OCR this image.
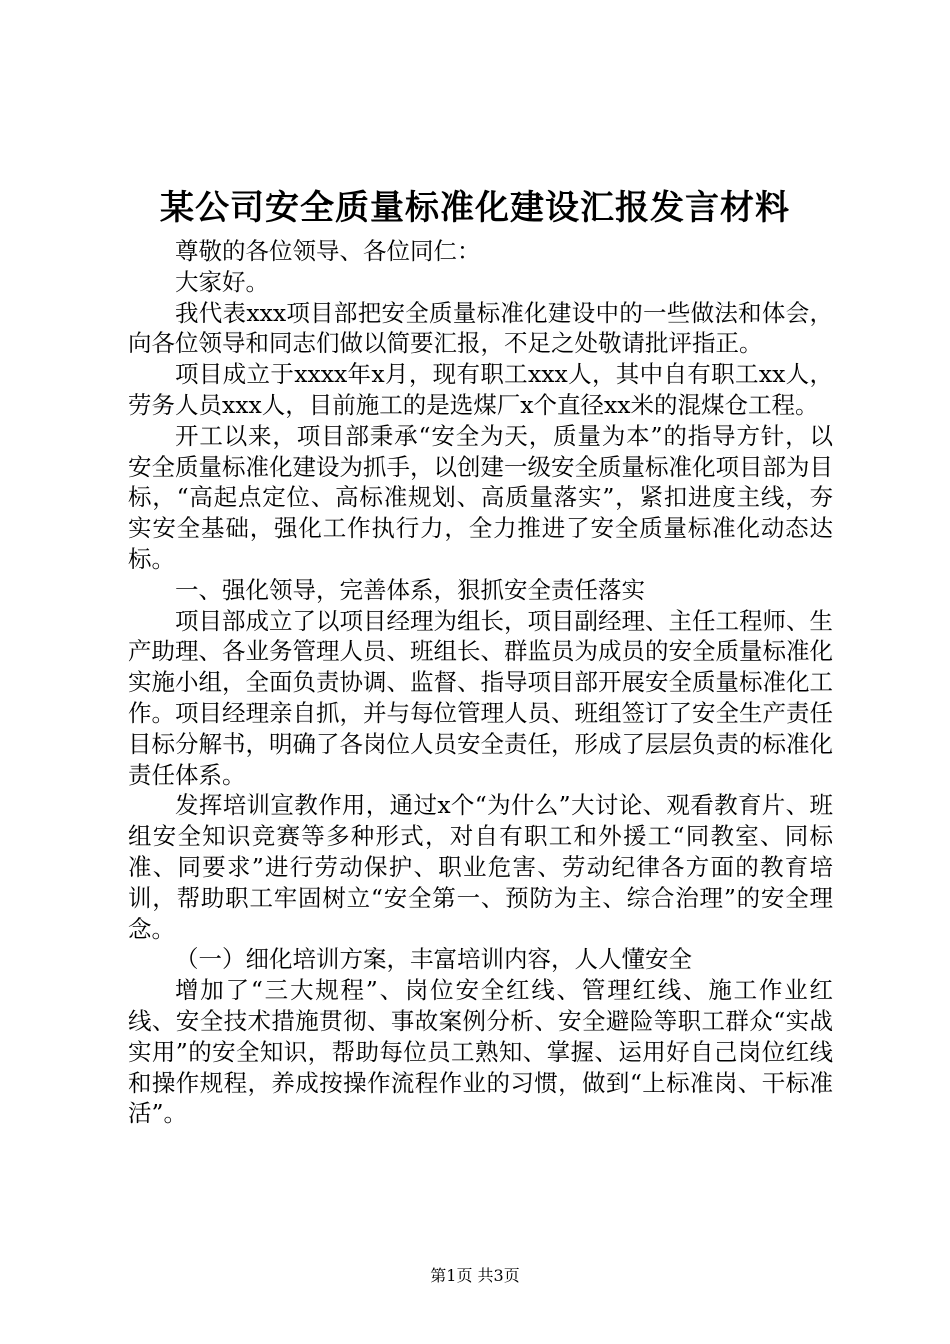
某公司安全质量标准化建设汇报发言材料

尊敬的各位领导、各位同仁：

大家好。

我代表xxx项目部把安全质量标准化建设中的一些做法和体会，向各位领导和同志们做以简要汇报，不足之处敬请批评指正。

项目成立于xxxx年x月，现有职工xxx人，其中自有职工xx人，劳务人员xxx人，目前施工的是选煤厂x个直径xx米的混煤仓工程。

开工以来，项目部秉承“安全为天，质量为本”的指导方针，以安全质量标准化建设为抓手，以创建一级安全质量标准化项目部为目标，“高起点定位、高标准规划、高质量落实”，紧扣进度主线，夯实安全基础，强化工作执行力，全力推进了安全质量标准化动态达标。

一、强化领导，完善体系，狠抓安全责任落实

项目部成立了以项目经理为组长，项目副经理、主任工程师、生产助理、各业务管理人员、班组长、群监员为成员的安全质量标准化实施小组，全面负责协调、监督、指导项目部开展安全质量标准化工作。项目经理亲自抓，并与每位管理人员、班组签订了安全生产责任目标分解书，明确了各岗位人员安全责任，形成了层层负责的标准化责任体系。

发挥培训宣教作用，通过x个“为什么”大讨论、观看教育片、班组安全知识竞赛等多种形式，对自有职工和外援工“同教室、同标准、同要求”进行劳动保护、职业危害、劳动纪律各方面的教育培训，帮助职工牢固树立“安全第一、预防为主、综合治理”的安全理念。

（一）细化培训方案，丰富培训内容，人人懂安全

增加了“三大规程”、岗位安全红线、管理红线、施工作业红线、安全技术措施贯彻、事故案例分析、安全避险等职工群众“实战实用”的安全知识，帮助每位员工熟知、掌握、运用好自己岗位红线和操作规程，养成按操作流程作业的习惯，做到“上标准岗、干标准活”。

第1页 共3页
